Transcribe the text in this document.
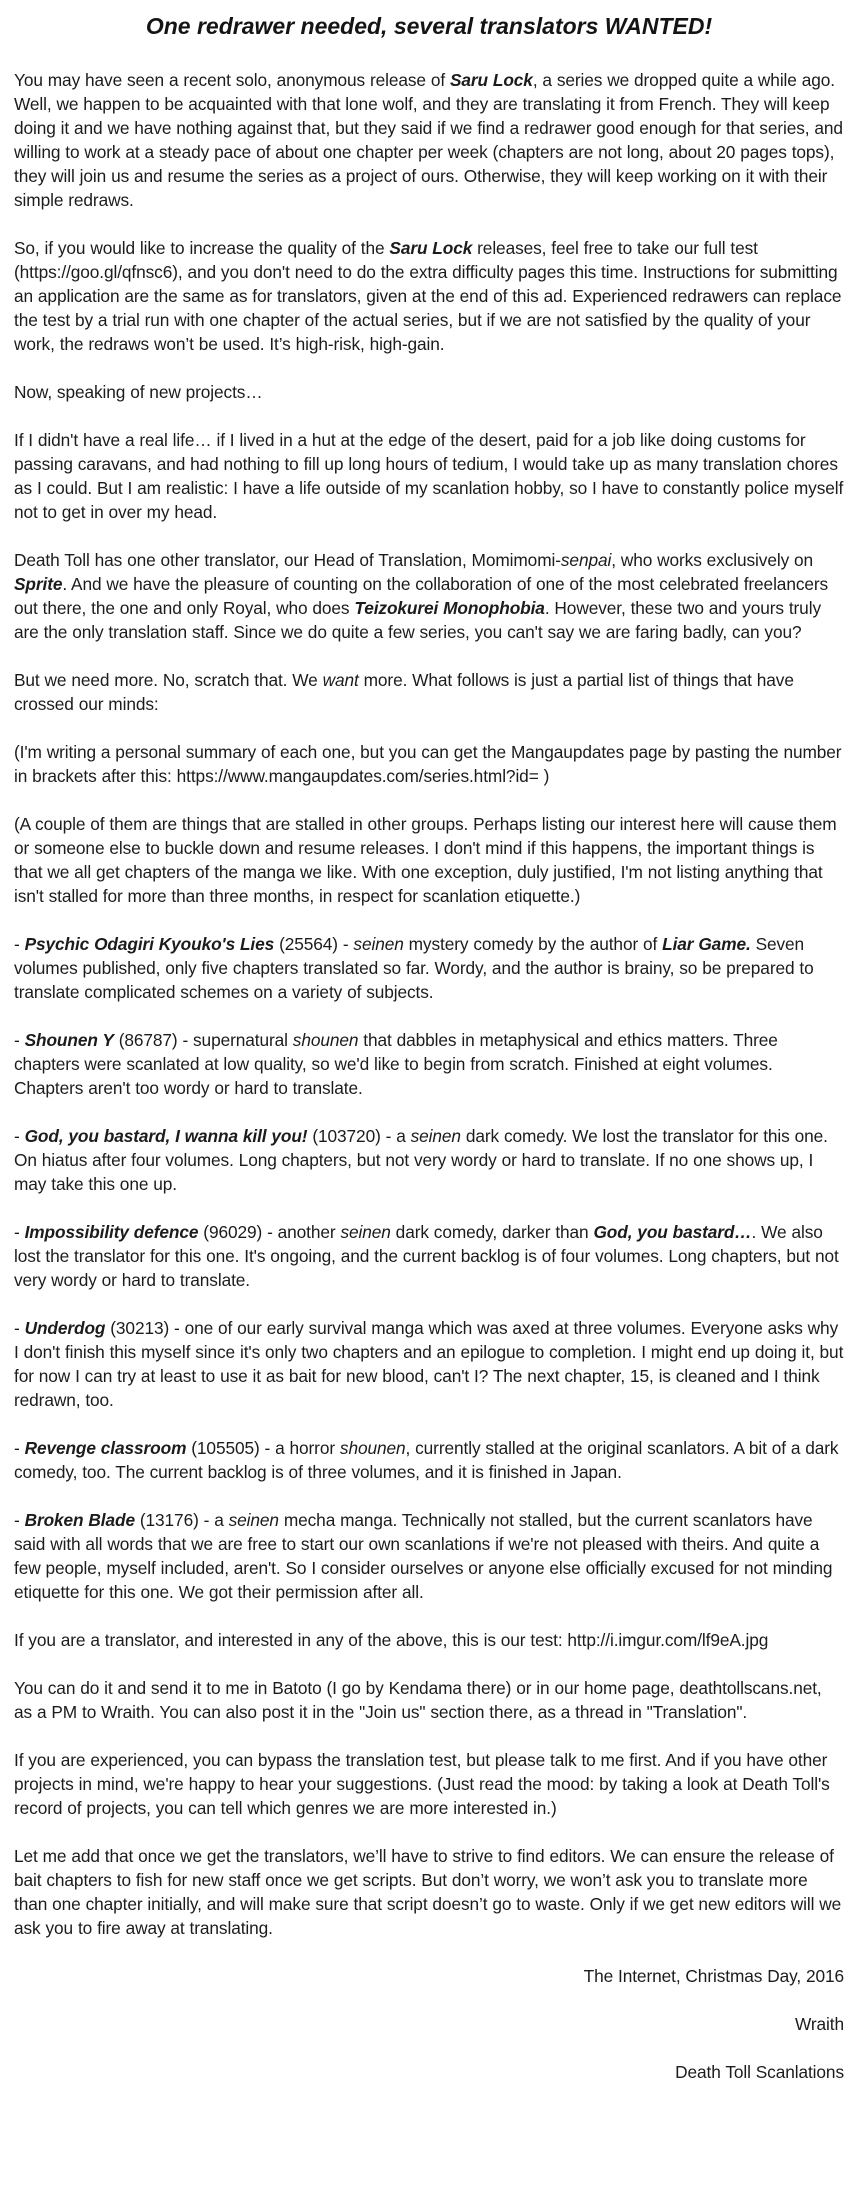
One redrawer needed, several translators WANTED!

You may have seen a recent solo, anonymous release of Saru Lock, a series we dropped quite a while ago. Well, we happen to be acquainted with that lone wolf, and they are translating it from French. They will keep doing it and we have nothing against that, but they said if we find a redrawer good enough for that series, and willing to work at a steady pace of about one chapter per week (chapters are not long, about 20 pages tops), they will join us and resume the series as a project of ours. Otherwise, they will keep working on it with their simple redraws.

So, if you would like to increase the quality of the Saru Lock releases, feel free to take our full test (https://goo.gl/qfnsc6), and you don't need to do the extra difficulty pages this time. Instructions for submitting an application are the same as for translators, given at the end of this ad. Experienced redrawers can replace the test by a trial run with one chapter of the actual series, but if we are not satisfied by the quality of your work, the redraws won’t be used. It’s high-risk, high-gain.

Now, speaking of new projects…

If I didn't have a real life… if I lived in a hut at the edge of the desert, paid for a job like doing customs for passing caravans, and had nothing to fill up long hours of tedium, I would take up as many translation chores as I could. But I am realistic: I have a life outside of my scanlation hobby, so I have to constantly police myself not to get in over my head.

Death Toll has one other translator, our Head of Translation, Momimomi-senpai, who works exclusively on Sprite. And we have the pleasure of counting on the collaboration of one of the most celebrated freelancers out there, the one and only Royal, who does Teizokurei Monophobia. However, these two and yours truly are the only translation staff. Since we do quite a few series, you can't say we are faring badly, can you?

But we need more. No, scratch that. We want more. What follows is just a partial list of things that have crossed our minds:

(I'm writing a personal summary of each one, but you can get the Mangaupdates page by pasting the number in brackets after this: https://www.mangaupdates.com/series.html?id= )

(A couple of them are things that are stalled in other groups. Perhaps listing our interest here will cause them or someone else to buckle down and resume releases. I don't mind if this happens, the important things is that we all get chapters of the manga we like. With one exception, duly justified, I'm not listing anything that isn't stalled for more than three months, in respect for scanlation etiquette.)

- Psychic Odagiri Kyouko's Lies (25564) - seinen mystery comedy by the author of Liar Game. Seven volumes published, only five chapters translated so far. Wordy, and the author is brainy, so be prepared to translate complicated schemes on a variety of subjects.

- Shounen Y (86787) - supernatural shounen that dabbles in metaphysical and ethics matters. Three chapters were scanlated at low quality, so we'd like to begin from scratch. Finished at eight volumes. Chapters aren't too wordy or hard to translate.

- God, you bastard, I wanna kill you! (103720) - a seinen dark comedy. We lost the translator for this one. On hiatus after four volumes. Long chapters, but not very wordy or hard to translate. If no one shows up, I may take this one up.

- Impossibility defence (96029) - another seinen dark comedy, darker than God, you bastard…. We also lost the translator for this one. It's ongoing, and the current backlog is of four volumes. Long chapters, but not very wordy or hard to translate.

- Underdog (30213) - one of our early survival manga which was axed at three volumes. Everyone asks why I don't finish this myself since it's only two chapters and an epilogue to completion. I might end up doing it, but for now I can try at least to use it as bait for new blood, can't I? The next chapter, 15, is cleaned and I think redrawn, too.

- Revenge classroom (105505) - a horror shounen, currently stalled at the original scanlators. A bit of a dark comedy, too. The current backlog is of three volumes, and it is finished in Japan.

- Broken Blade (13176) - a seinen mecha manga. Technically not stalled, but the current scanlators have said with all words that we are free to start our own scanlations if we're not pleased with theirs. And quite a few people, myself included, aren't. So I consider ourselves or anyone else officially excused for not minding etiquette for this one. We got their permission after all.

If you are a translator, and interested in any of the above, this is our test: http://i.imgur.com/lf9eA.jpg

You can do it and send it to me in Batoto (I go by Kendama there) or in our home page, deathtollscans.net, as a PM to Wraith. You can also post it in the "Join us" section there, as a thread in "Translation".

If you are experienced, you can bypass the translation test, but please talk to me first. And if you have other projects in mind, we're happy to hear your suggestions. (Just read the mood: by taking a look at Death Toll's record of projects, you can tell which genres we are more interested in.)

Let me add that once we get the translators, we’ll have to strive to find editors. We can ensure the release of bait chapters to fish for new staff once we get scripts. But don’t worry, we won’t ask you to translate more than one chapter initially, and will make sure that script doesn’t go to waste. Only if we get new editors will we ask you to fire away at translating.

The Internet, Christmas Day, 2016

Wraith

Death Toll Scanlations
